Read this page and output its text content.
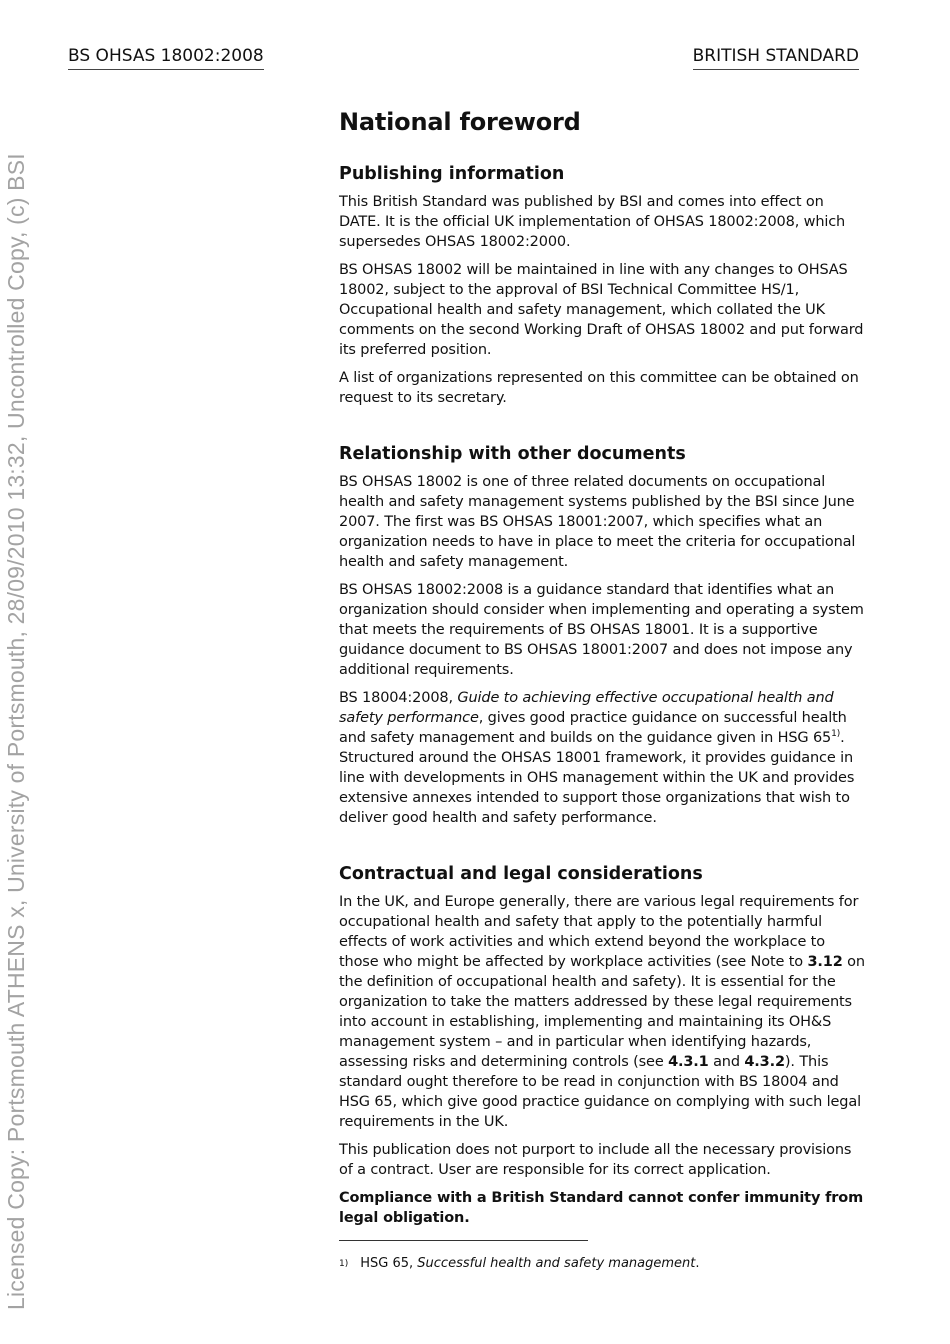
Licensed Copy: Portsmouth ATHENS x, University of Portsmouth, 28/09/2010 13:32, Uncontrolled Copy, (c) BSI
BS OHSAS 18002:2008	BRITISH STANDARD
National foreword
Publishing information

This British Standard was published by BSI and comes into effect on DATE. It is the official UK implementation of OHSAS 18002:2008, which supersedes OHSAS 18002:2000.

BS OHSAS 18002 will be maintained in line with any changes to OHSAS 18002, subject to the approval of BSI Technical Committee HS/1, Occupational health and safety management, which collated the UK comments on the second Working Draft of OHSAS 18002 and put forward its preferred position.

A list of organizations represented on this committee can be obtained on request to its secretary.

Relationship with other documents

BS OHSAS 18002 is one of three related documents on occupational health and safety management systems published by the BSI since June 2007. The first was BS OHSAS 18001:2007, which specifies what an organization needs to have in place to meet the criteria for occupational health and safety management.

BS OHSAS 18002:2008 is a guidance standard that identifies what an organization should consider when implementing and operating a system that meets the requirements of BS OHSAS 18001. It is a supportive guidance document to BS OHSAS 18001:2007 and does not impose any additional requirements.

BS 18004:2008, Guide to achieving effective occupational health and safety performance, gives good practice guidance on successful health and safety management and builds on the guidance given in HSG 65$^{1)}$. Structured around the OHSAS 18001 framework, it provides guidance in line with developments in OHS management within the UK and provides extensive annexes intended to support those organizations that wish to deliver good health and safety performance.

Contractual and legal considerations

In the UK, and Europe generally, there are various legal requirements for occupational health and safety that apply to the potentially harmful effects of work activities and which extend beyond the workplace to those who might be affected by workplace activities (see Note to 3.12 on the definition of occupational health and safety). It is essential for the organization to take the matters addressed by these legal requirements into account in establishing, implementing and maintaining its OH&S management system – and in particular when identifying hazards, assessing risks and determining controls (see 4.3.1 and 4.3.2). This standard ought therefore to be read in conjunction with BS 18004 and HSG 65, which give good practice guidance on complying with such legal requirements in the UK.

This publication does not purport to include all the necessary provisions of a contract. User are responsible for its correct application.

Compliance with a British Standard cannot confer immunity from legal obligation.

$^{1)}$ HSG 65, Successful health and safety management.
